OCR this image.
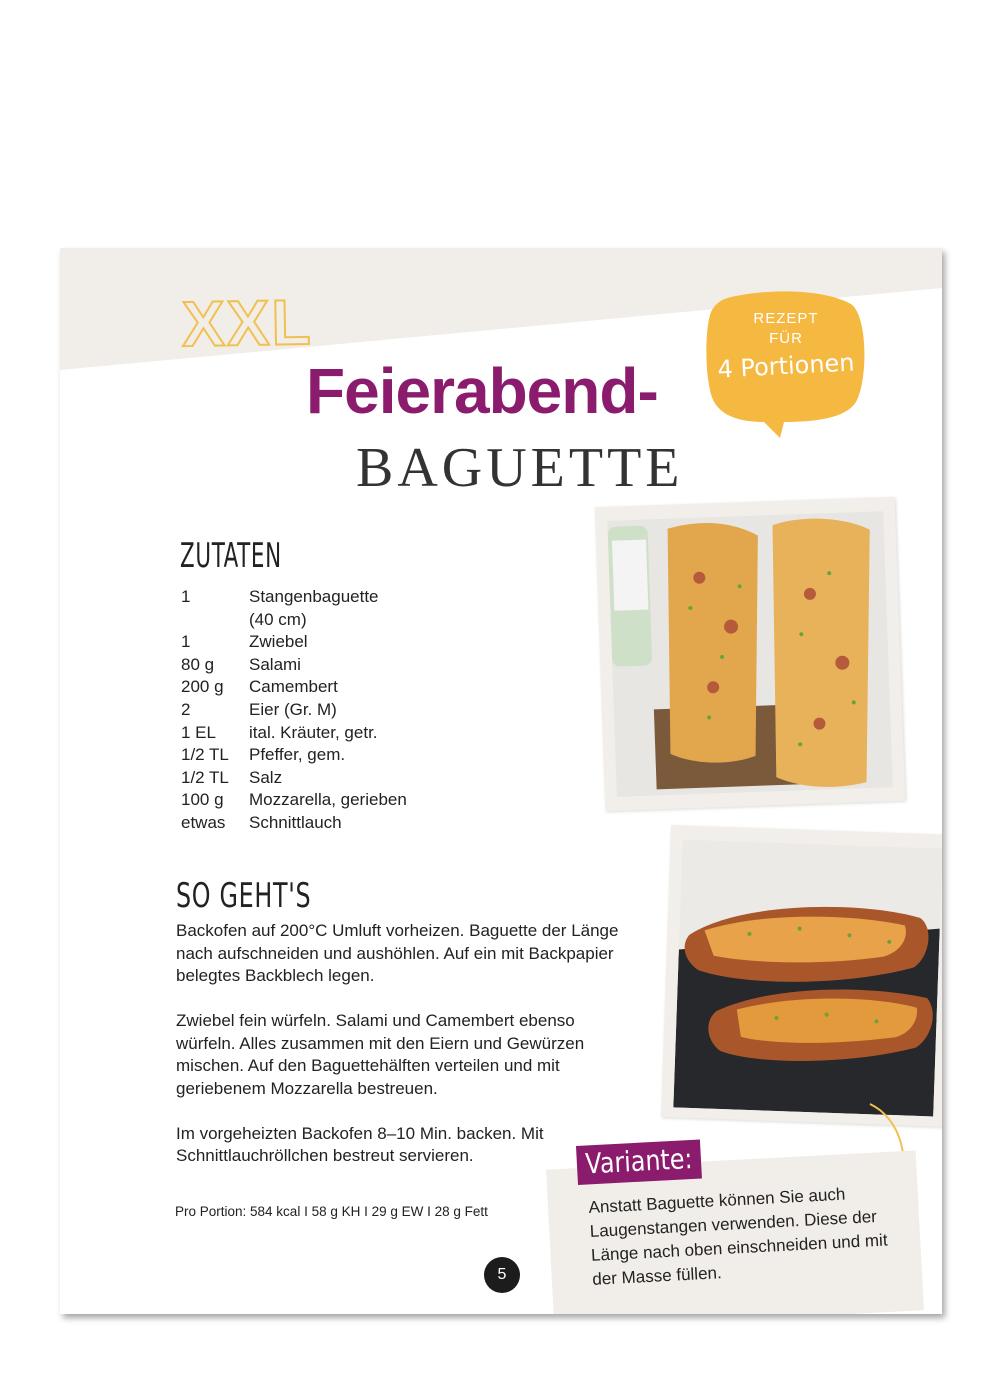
XXL
Feierabend-
BAGUETTE
REZEPT
FÜR
4 Portionen
ZUTATEN
1	Stangenbaguette
(40 cm)
1	Zwiebel
80 g	Salami
200 g	Camembert
2	Eier (Gr. M)
1 EL	ital. Kräuter, getr.
1/2 TL	Pfeffer, gem.
1/2 TL	Salz
100 g	Mozzarella, gerieben
etwas	Schnittlauch
SO GEHT'S

Backofen auf 200°C Umluft vorheizen. Baguette der Länge nach aufschneiden und aushöhlen. Auf ein mit Backpapier belegtes Backblech legen.

Zwiebel fein würfeln. Salami und Camembert ebenso würfeln. Alles zusammen mit den Eiern und Gewürzen mischen. Auf den Baguettehälften verteilen und mit geriebenem Mozzarella bestreuen.

Im vorgeheizten Backofen 8–10 Min. backen. Mit Schnittlauchröllchen bestreut servieren.

Pro Portion: 584 kcal I 58 g KH I 29 g EW I 28 g Fett
Variante:
Anstatt Baguette können Sie auch Laugenstangen verwenden. Diese der Länge nach oben einschneiden und mit der Masse füllen.
5
